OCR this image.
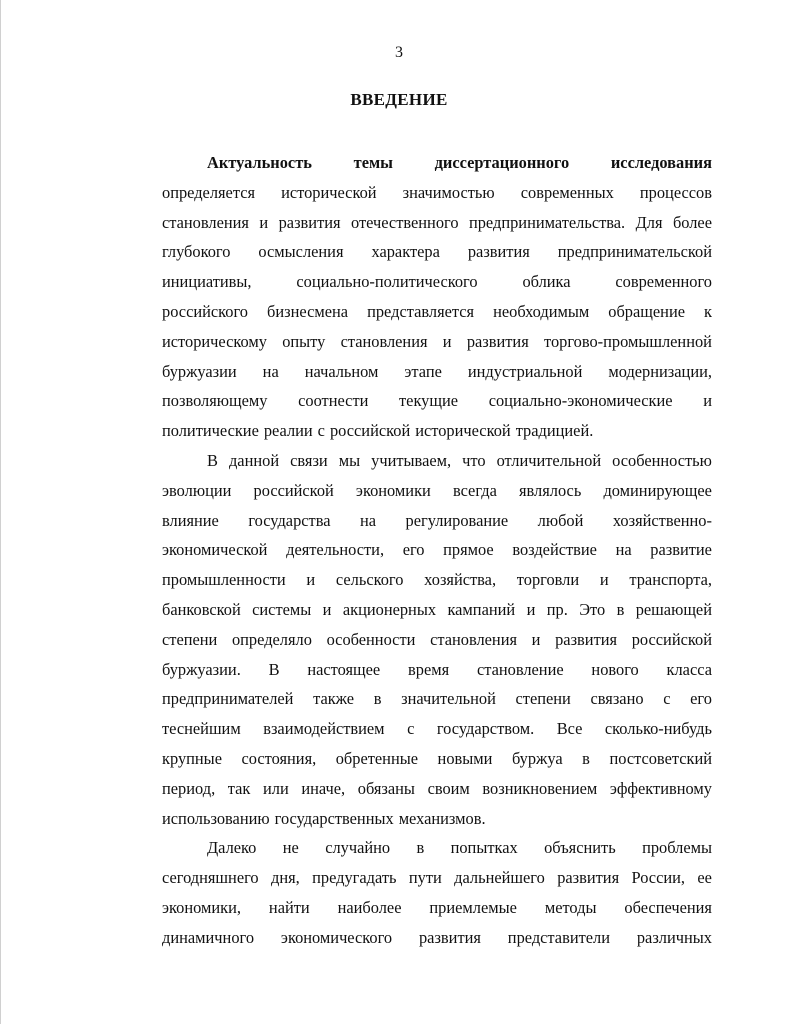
3
ВВЕДЕНИЕ
Актуальность	темы	диссертационного	исследования
определяется исторической значимостью современных процессов
становления и развития отечественного предпринимательства. Для более
глубокого осмысления характера развития предпринимательской
инициативы,	социально-политического	облика	современного
российского бизнесмена представляется необходимым обращение к
историческому опыту становления и развития торгово-промышленной
буржуазии на начальном этапе индустриальной модернизации,
позволяющему соотнести текущие социально-экономические и
политические реалии с российской исторической традицией.
В данной связи мы учитываем, что отличительной особенностью
эволюции российской экономики всегда являлось доминирующее
влияние государства на регулирование любой хозяйственно-
экономической деятельности, его прямое воздействие на развитие
промышленности и сельского хозяйства, торговли и транспорта,
банковской системы и акционерных кампаний и пр. Это в решающей
степени определяло особенности становления и развития российской
буржуазии. В настоящее время становление нового класса
предпринимателей также в значительной степени связано с его
теснейшим взаимодействием с государством. Все сколько-нибудь
крупные состояния, обретенные новыми буржуа в постсоветский
период, так или иначе, обязаны своим возникновением эффективному
использованию государственных механизмов.
Далеко не случайно в попытках объяснить проблемы
сегодняшнего дня, предугадать пути дальнейшего развития России, ее
экономики, найти наиболее приемлемые методы обеспечения
динамичного экономического развития представители различных
